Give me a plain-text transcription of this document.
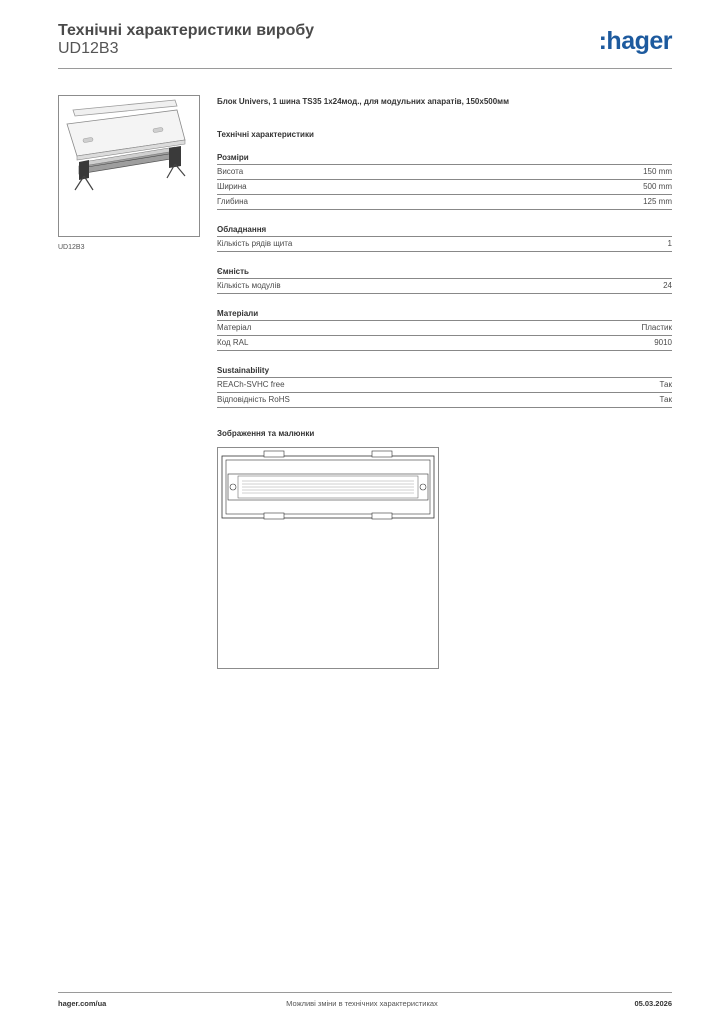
Технічні характеристики виробу
UD12B3	:hager
UD12B3
Блок Univers, 1 шина TS35 1x24мод., для модульних апаратів, 150x500мм
Технічні характеристики
Розміри
Висота	150 mm
Ширина	500 mm
Глибина	125 mm
Обладнання
Кількість рядів щита	1
Ємність
Кількість модулів	24
Матеріали
Матеріал	Пластик
Код RAL	9010
Sustainability
REACh-SVHC free	Так
Відповідність RoHS	Так
Зображення та малюнки
hager.com/ua	Можливі зміни в технічних характеристиках	05.03.2026
